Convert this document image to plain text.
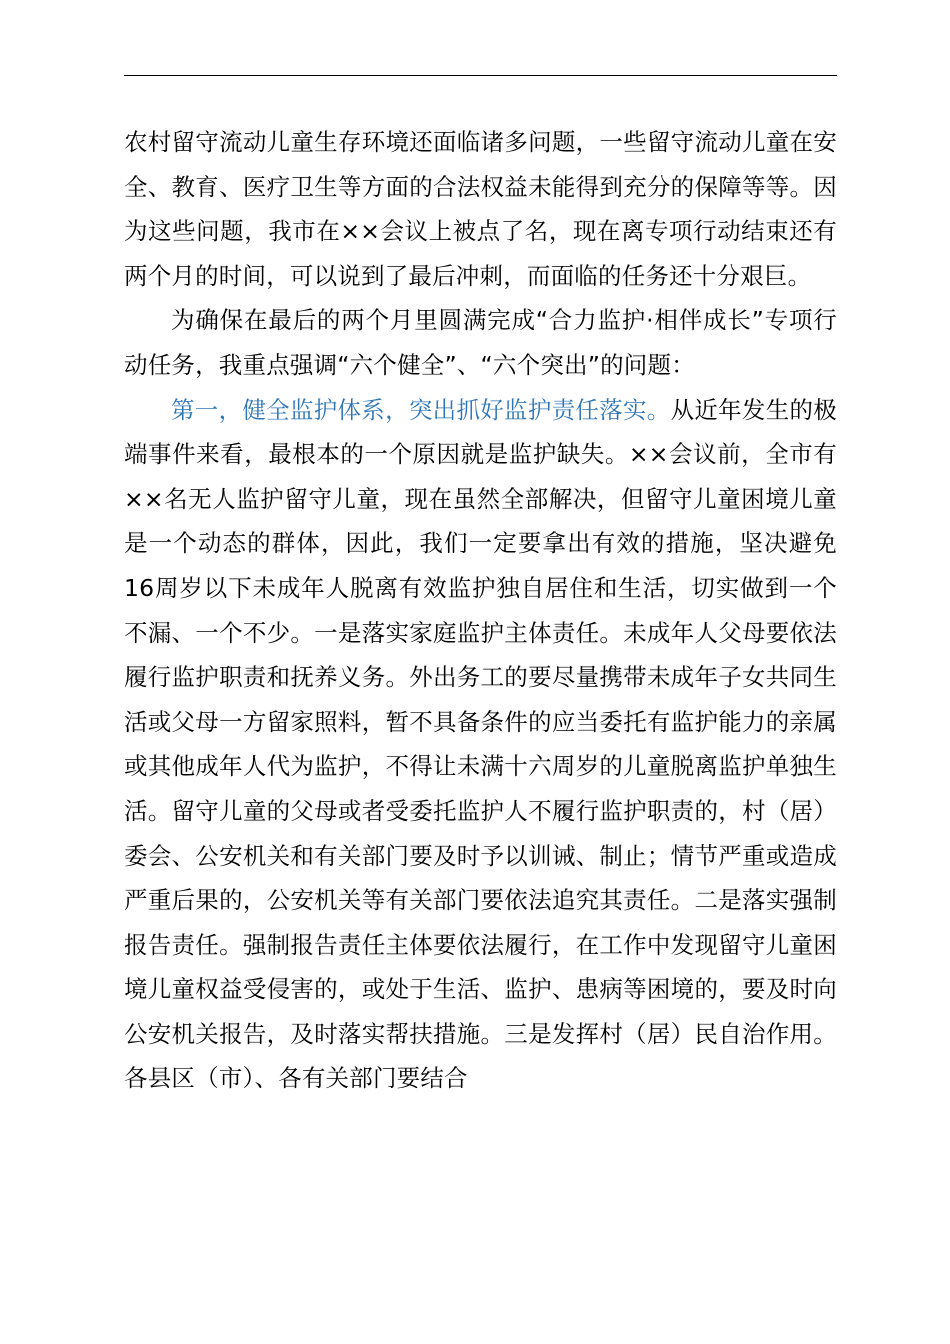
农村留守流动儿童生存环境还面临诸多问题，一些留守流动儿童在安全、教育、医疗卫生等方面的合法权益未能得到充分的保障等等。因为这些问题，我市在××会议上被点了名，现在离专项行动结束还有两个月的时间，可以说到了最后冲刺，而面临的任务还十分艰巨。

为确保在最后的两个月里圆满完成“合力监护·相伴成长”专项行动任务，我重点强调“六个健全”、“六个突出”的问题：

第一，健全监护体系，突出抓好监护责任落实。从近年发生的极端事件来看，最根本的一个原因就是监护缺失。××会议前，全市有××名无人监护留守儿童，现在虽然全部解决，但留守儿童困境儿童是一个动态的群体，因此，我们一定要拿出有效的措施，坚决避免16周岁以下未成年人脱离有效监护独自居住和生活，切实做到一个不漏、一个不少。一是落实家庭监护主体责任。未成年人父母要依法履行监护职责和抚养义务。外出务工的要尽量携带未成年子女共同生活或父母一方留家照料，暂不具备条件的应当委托有监护能力的亲属或其他成年人代为监护，不得让未满十六周岁的儿童脱离监护单独生活。留守儿童的父母或者受委托监护人不履行监护职责的，村（居）委会、公安机关和有关部门要及时予以训诫、制止；情节严重或造成严重后果的，公安机关等有关部门要依法追究其责任。二是落实强制报告责任。强制报告责任主体要依法履行，在工作中发现留守儿童困境儿童权益受侵害的，或处于生活、监护、患病等困境的，要及时向公安机关报告，及时落实帮扶措施。三是发挥村（居）民自治作用。各县区（市）、各有关部门要结合
